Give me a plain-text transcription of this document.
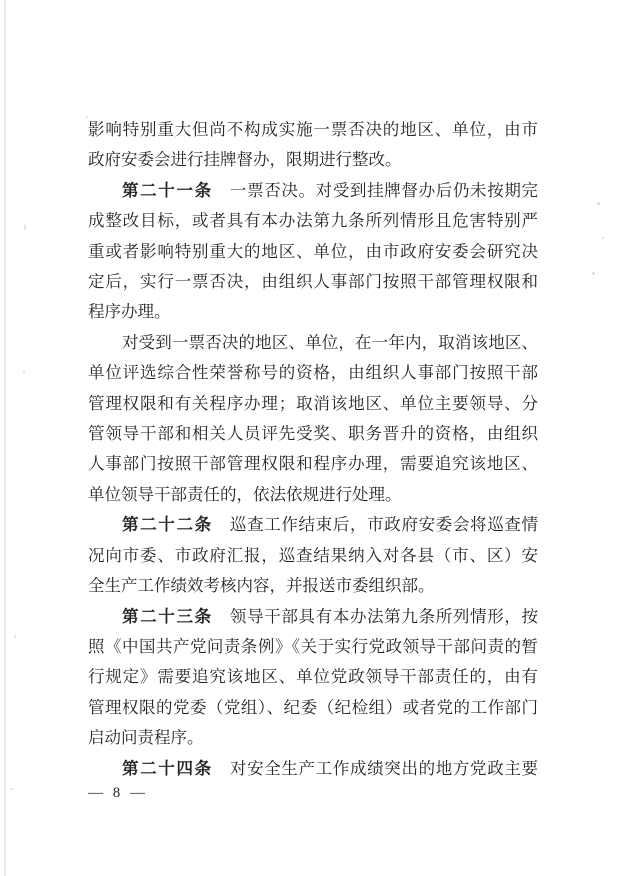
影响特别重大但尚不构成实施一票否决的地区、单位，由市
政府安委会进行挂牌督办，限期进行整改。
第二十一条　 一票否决。对受到挂牌督办后仍未按期完
成整改目标，或者具有本办法第九条所列情形且危害特别严
重或者影响特别重大的地区、单位，由市政府安委会研究决
定后，实行一票否决，由组织人事部门按照干部管理权限和
程序办理。
对受到一票否决的地区、单位，在一年内，取消该地区、
单位评选综合性荣誉称号的资格，由组织人事部门按照干部
管理权限和有关程序办理；取消该地区、单位主要领导、分
管领导干部和相关人员评先受奖、职务晋升的资格，由组织
人事部门按照干部管理权限和程序办理，需要追究该地区、
单位领导干部责任的，依法依规进行处理。
第二十二条　 巡查工作结束后，市政府安委会将巡查情
况向市委、市政府汇报，巡查结果纳入对各县（市、区）安
全生产工作绩效考核内容，并报送市委组织部。
第二十三条　 领导干部具有本办法第九条所列情形，按
照《中国共产党问责条例》《关于实行党政领导干部问责的暂
行规定》需要追究该地区、单位党政领导干部责任的，由有
管理权限的党委（党组）、纪委（纪检组）或者党的工作部门
启动问责程序。
第二十四条　 对安全生产工作成绩突出的地方党政主要
— 8 —
